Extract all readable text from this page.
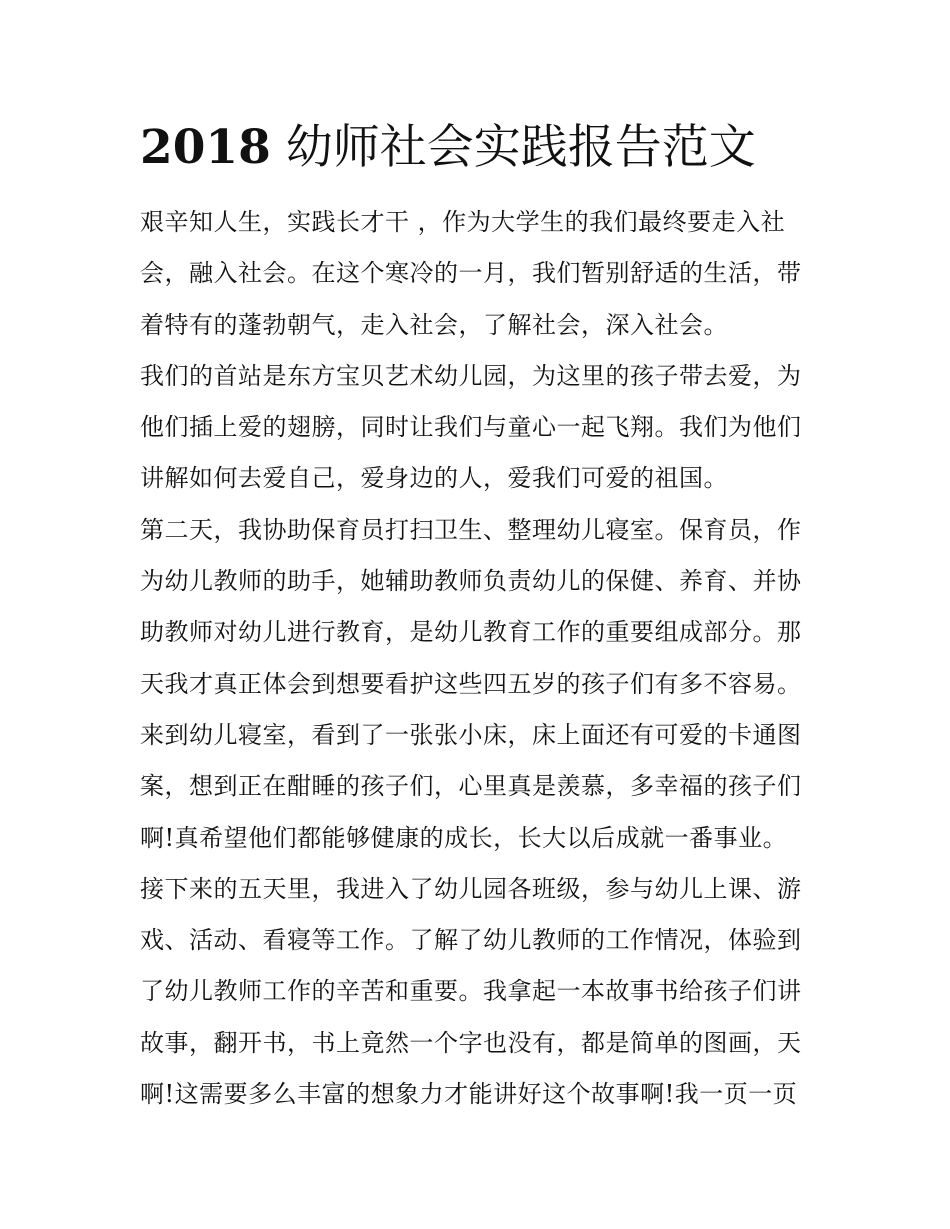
2018 幼师社会实践报告范文
艰辛知人生，实践长才干 ，作为大学生的我们最终要走入社
会，融入社会。在这个寒冷的一月，我们暂别舒适的生活，带
着特有的蓬勃朝气，走入社会，了解社会，深入社会。
我们的首站是东方宝贝艺术幼儿园，为这里的孩子带去爱，为
他们插上爱的翅膀，同时让我们与童心一起飞翔。我们为他们
讲解如何去爱自己，爱身边的人，爱我们可爱的祖国。
第二天，我协助保育员打扫卫生、整理幼儿寝室。保育员，作
为幼儿教师的助手，她辅助教师负责幼儿的保健、养育、并协
助教师对幼儿进行教育，是幼儿教育工作的重要组成部分。那
天我才真正体会到想要看护这些四五岁的孩子们有多不容易。
来到幼儿寝室，看到了一张张小床，床上面还有可爱的卡通图
案，想到正在酣睡的孩子们，心里真是羡慕，多幸福的孩子们
啊!真希望他们都能够健康的成长，长大以后成就一番事业。
接下来的五天里，我进入了幼儿园各班级，参与幼儿上课、游
戏、活动、看寝等工作。了解了幼儿教师的工作情况，体验到
了幼儿教师工作的辛苦和重要。我拿起一本故事书给孩子们讲
故事，翻开书，书上竟然一个字也没有，都是简单的图画，天
啊!这需要多么丰富的想象力才能讲好这个故事啊!我一页一页
